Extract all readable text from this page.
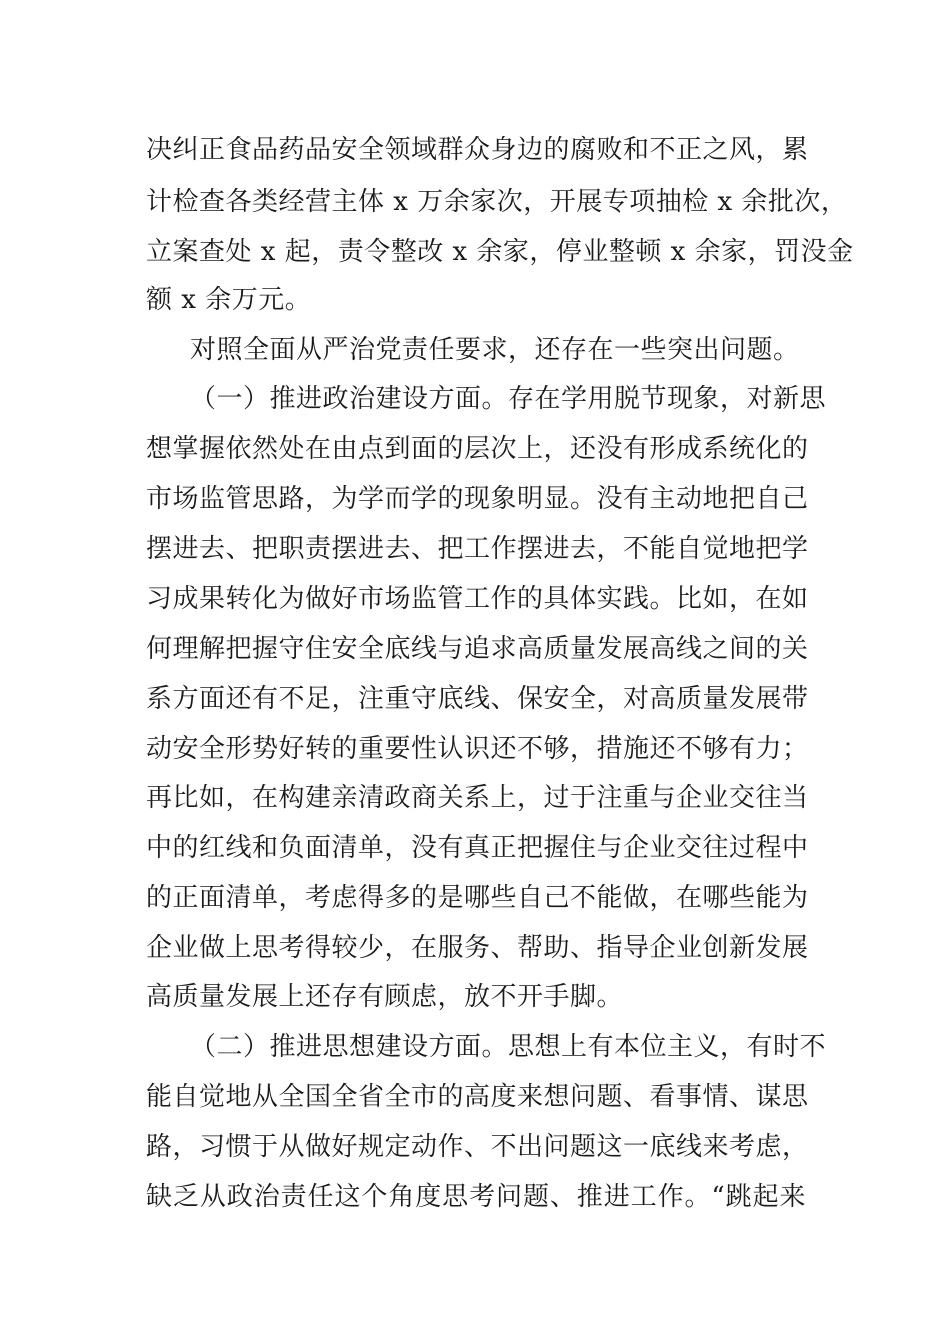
决纠正食品药品安全领域群众身边的腐败和不正之风，累
计检查各类经营主体 x 万余家次，开展专项抽检 x 余批次，
立案查处 x 起，责令整改 x 余家，停业整顿 x 余家，罚没金
额 x 余万元。
对照全面从严治党责任要求，还存在一些突出问题。
（一）推进政治建设方面。存在学用脱节现象，对新思
想掌握依然处在由点到面的层次上，还没有形成系统化的
市场监管思路，为学而学的现象明显。没有主动地把自己
摆进去、把职责摆进去、把工作摆进去，不能自觉地把学
习成果转化为做好市场监管工作的具体实践。比如，在如
何理解把握守住安全底线与追求高质量发展高线之间的关
系方面还有不足，注重守底线、保安全，对高质量发展带
动安全形势好转的重要性认识还不够，措施还不够有力；
再比如，在构建亲清政商关系上，过于注重与企业交往当
中的红线和负面清单，没有真正把握住与企业交往过程中
的正面清单，考虑得多的是哪些自己不能做，在哪些能为
企业做上思考得较少，在服务、帮助、指导企业创新发展
高质量发展上还存有顾虑，放不开手脚。
（二）推进思想建设方面。思想上有本位主义，有时不
能自觉地从全国全省全市的高度来想问题、看事情、谋思
路，习惯于从做好规定动作、不出问题这一底线来考虑，
缺乏从政治责任这个角度思考问题、推进工作。“跳起来
